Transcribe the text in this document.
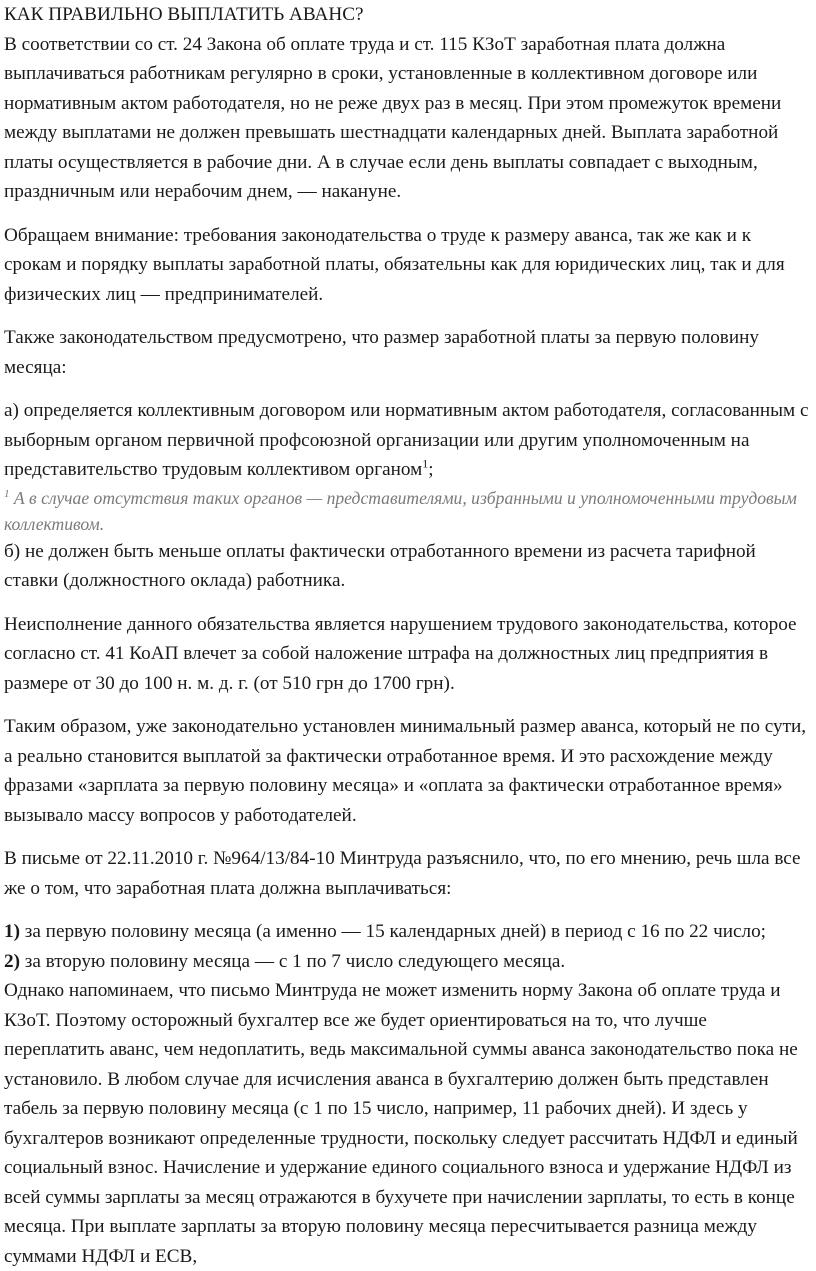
КАК ПРАВИЛЬНО ВЫПЛАТИТЬ АВАНС?

В соответствии со ст. 24 Закона об оплате труда и ст. 115 КЗоТ заработная плата должна выплачиваться работникам регулярно в сроки, установленные в коллективном договоре или нормативным актом работодателя, но не реже двух раз в месяц. При этом промежуток времени между выплатами не должен превышать шестнадцати календарных дней. Выплата заработной платы осуществляется в рабочие дни. А в случае если день выплаты совпадает с выходным, праздничным или нерабочим днем, — накануне.

Обращаем внимание: требования законодательства о труде к размеру аванса, так же как и к срокам и порядку выплаты заработной платы, обязательны как для юридических лиц, так и для физических лиц — предпринимателей.

Также законодательством предусмотрено, что размер заработной платы за первую половину месяца:

а) определяется коллективным договором или нормативным актом работодателя, согласованным с выборным органом первичной профсоюзной организации или другим уполномоченным на представительство трудовым коллективом органом$^1$;

$^1$ А в случае отсутствия таких органов — представителями, избранными и уполномоченными трудовым коллективом.

б) не должен быть меньше оплаты фактически отработанного времени из расчета тарифной ставки (должностного оклада) работника.

Неисполнение данного обязательства является нарушением трудового законодательства, которое согласно ст. 41 КоАП влечет за собой наложение штрафа на должностных лиц предприятия в размере от 30 до 100 н. м. д. г. (от 510 грн до 1700 грн).

Таким образом, уже законодательно установлен минимальный размер аванса, который не по сути, а реально становится выплатой за фактически отработанное время. И это расхождение между фразами «зарплата за первую половину месяца» и «оплата за фактически отработанное время» вызывало массу вопросов у работодателей.

В письме от 22.11.2010 г. №964/13/84-10 Минтруда разъяснило, что, по его мнению, речь шла все же о том, что заработная плата должна выплачиваться:

1) за первую половину месяца (а именно — 15 календарных дней) в период с 16 по 22 число;

2) за вторую половину месяца — с 1 по 7 число следующего месяца.

Однако напоминаем, что письмо Минтруда не может изменить норму Закона об оплате труда и КЗоТ. Поэтому осторожный бухгалтер все же будет ориентироваться на то, что лучше переплатить аванс, чем недоплатить, ведь максимальной суммы аванса законодательство пока не установило. В любом случае для исчисления аванса в бухгалтерию должен быть представлен табель за первую половину месяца (с 1 по 15 число, например, 11 рабочих дней). И здесь у бухгалтеров возникают определенные трудности, поскольку следует рассчитать НДФЛ и единый социальный взнос. Начисление и удержание единого социального взноса и удержание НДФЛ из всей суммы зарплаты за месяц отражаются в бухучете при начислении зарплаты, то есть в конце месяца. При выплате зарплаты за вторую половину месяца пересчитывается разница между суммами НДФЛ и ЕСВ,
